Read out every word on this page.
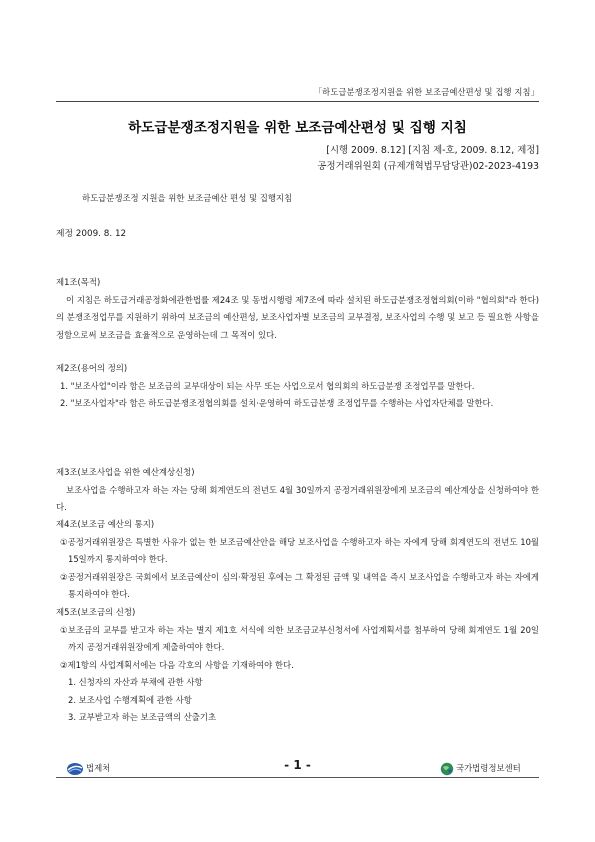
「하도급분쟁조정지원을 위한 보조금예산편성 및 집행 지침」
하도급분쟁조정지원을 위한 보조금예산편성 및 집행 지침
[시행 2009. 8.12] [지침 제-호, 2009. 8.12, 제정]
공정거래위원회 (규제개혁법무담당관)02-2023-4193
하도급분쟁조정 지원을 위한 보조금예산 편성 및 집행지침
제정 2009. 8. 12

제1조(목적)

이 지침은 하도급거래공정화에관한법률 제24조 및 동법시행령 제7조에 따라 설치된 하도급분쟁조정협의회(이하 "협의회"라 한다)의 분쟁조정업무를 지원하기 위하여 보조금의 예산편성, 보조사업자별 보조금의 교부결정, 보조사업의 수행 및 보고 등 필요한 사항을 정함으로써 보조금을 효율적으로 운영하는데 그 목적이 있다.

제2조(용어의 정의)

1. "보조사업"이라 함은 보조금의 교부대상이 되는 사무 또는 사업으로서 협의회의 하도급분쟁 조정업무를 말한다.

2. "보조사업자"라 함은 하도급분쟁조정협의회를 설치·운영하여 하도급분쟁 조정업무를 수행하는 사업자단체를 말한다.

제3조(보조사업을 위한 예산계상신청)

보조사업을 수행하고자 하는 자는 당해 회계연도의 전년도 4월 30일까지 공정거래위원장에게 보조금의 예산계상을 신청하여야 한다.

제4조(보조금 예산의 통지)

①공정거래위원장은 특별한 사유가 없는 한 보조금예산안을 해당 보조사업을 수행하고자 하는 자에게 당해 회계연도의 전년도 10월 15일까지 통지하여야 한다.

②공정거래위원장은 국회에서 보조금예산이 심의·확정된 후에는 그 확정된 금액 및 내역을 즉시 보조사업을 수행하고자 하는 자에게 통지하여야 한다.

제5조(보조금의 신청)

①보조금의 교부를 받고자 하는 자는 별지 제1호 서식에 의한 보조금교부신청서에 사업계획서를 첨부하여 당해 회계연도 1월 20일까지 공정거래위원장에게 제출하여야 한다.

②제1항의 사업계획서에는 다음 각호의 사항을 기재하여야 한다.

1. 신청자의 자산과 부채에 관한 사항

2. 보조사업 수행계획에 관한 사항

3. 교부받고자 하는 보조금액의 산출기초

법제처	- 1 -	국가법령정보센터
